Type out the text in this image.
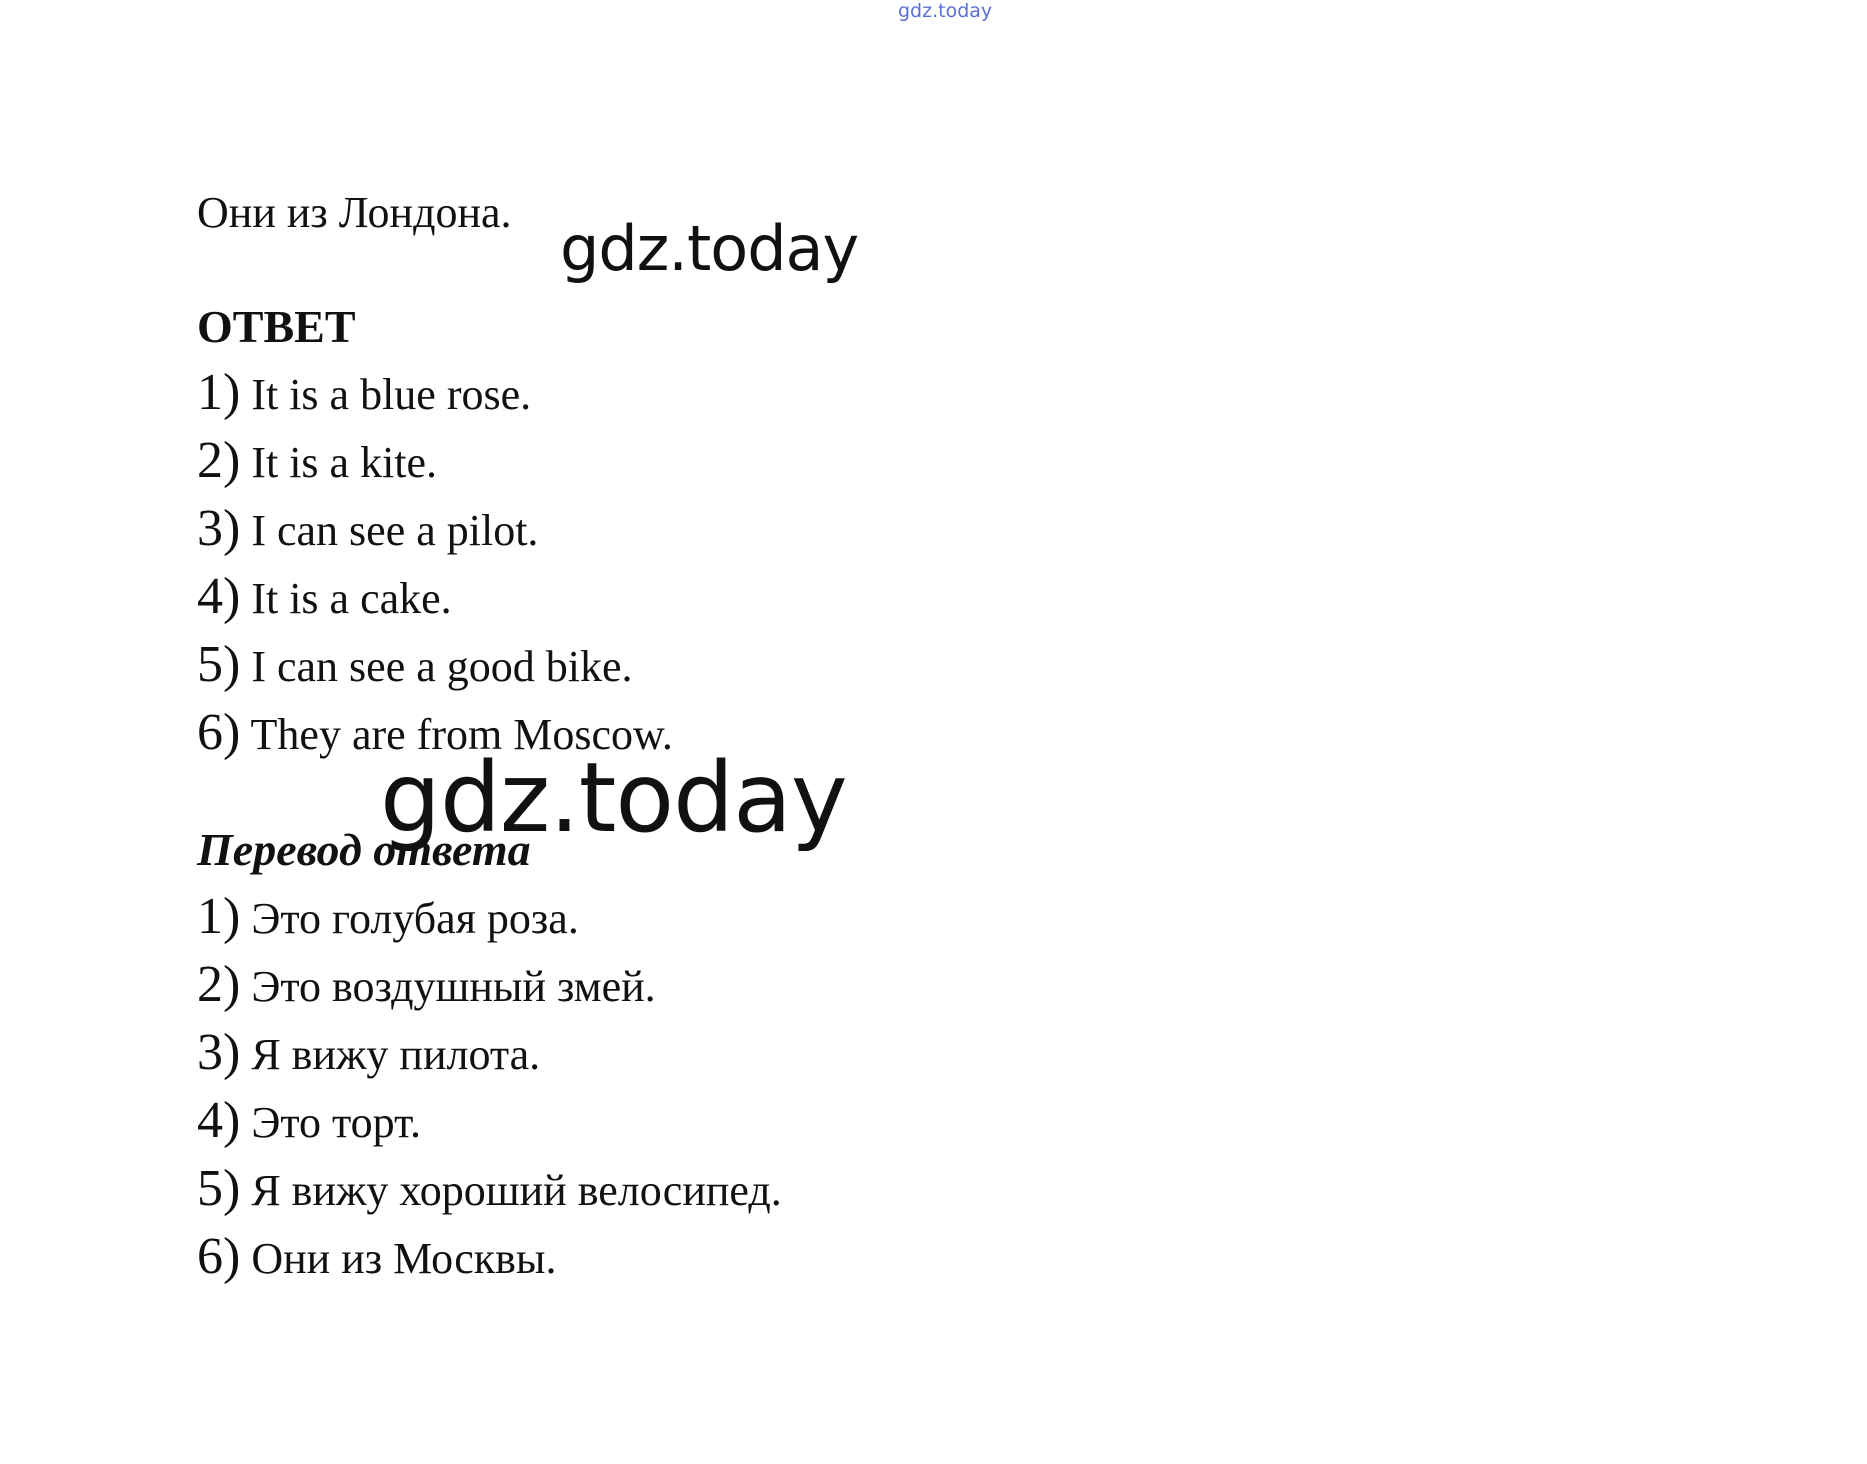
gdz.today
Они из Лондона. gdz.today
ОТВЕТ
1) It is a blue rose.
2) It is a kite.
3) I can see a pilot.
4) It is a cake.
5) I can see a good bike.
6) They are from Moscow.
gdz.today
Перевод ответа
1) Это голубая роза.
2) Это воздушный змей.
3) Я вижу пилота.
4) Это торт.
5) Я вижу хороший велосипед.
6) Они из Москвы.
